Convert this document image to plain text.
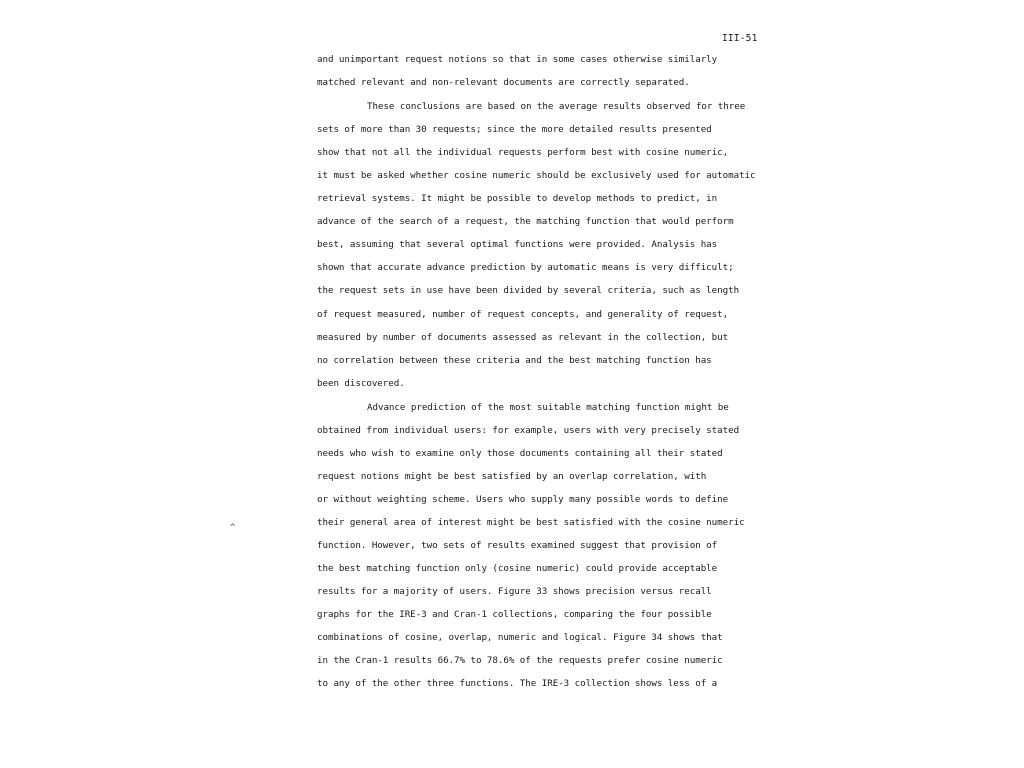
III-51
^
and unimportant request notions so that in some cases otherwise similarly
matched relevant and non-relevant documents are correctly separated.
These conclusions are based on the average results observed for three
sets of more than 30 requests; since the more detailed results presented
show that not all the individual requests perform best with cosine numeric,
it must be asked whether cosine numeric should be exclusively used for automatic
retrieval systems. It might be possible to develop methods to predict, in
advance of the search of a request, the matching function that would perform
best, assuming that several optimal functions were provided. Analysis has
shown that accurate advance prediction by automatic means is very difficult;
the request sets in use have been divided by several criteria, such as length
of request measured, number of request concepts, and generality of request,
measured by number of documents assessed as relevant in the collection, but
no correlation between these criteria and the best matching function has
been discovered.
Advance prediction of the most suitable matching function might be
obtained from individual users: for example, users with very precisely stated
needs who wish to examine only those documents containing all their stated
request notions might be best satisfied by an overlap correlation, with
or without weighting scheme. Users who supply many possible words to define
their general area of interest might be best satisfied with the cosine numeric
function. However, two sets of results examined suggest that provision of
the best matching function only (cosine numeric) could provide acceptable
results for a majority of users. Figure 33 shows precision versus recall
graphs for the IRE-3 and Cran-1 collections, comparing the four possible
combinations of cosine, overlap, numeric and logical. Figure 34 shows that
in the Cran-1 results 66.7% to 78.6% of the requests prefer cosine numeric
to any of the other three functions. The IRE-3 collection shows less of a
